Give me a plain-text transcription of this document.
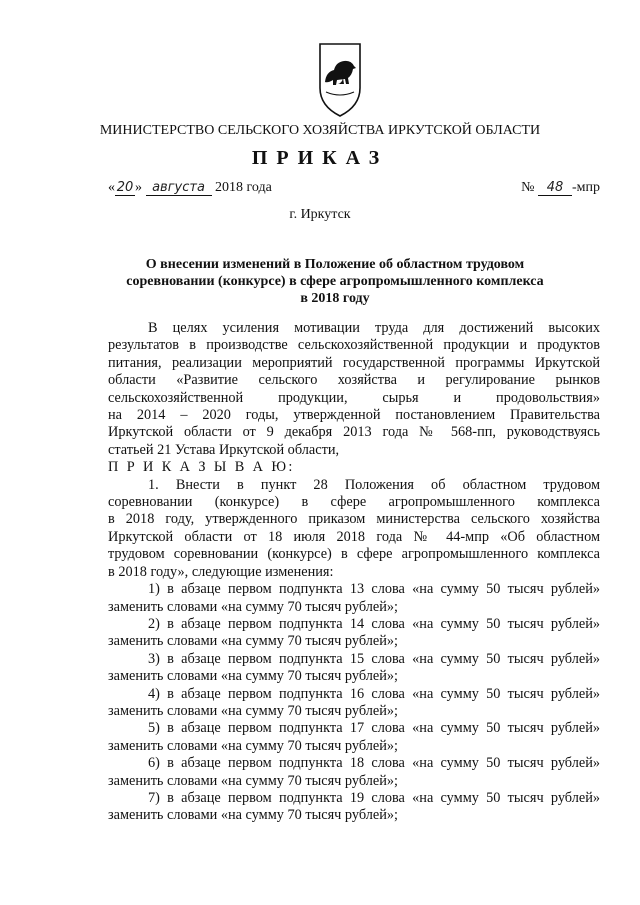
МИНИСТЕРСТВО СЕЛЬСКОГО ХОЗЯЙСТВА ИРКУТСКОЙ ОБЛАСТИ
ПРИКАЗ
« 20 » августа 2018 года	№ 48 -мпр
г. Иркутск
О внесении изменений в Положение об областном трудовом
соревновании (конкурсе) в сфере агропромышленного комплекса
в 2018 году

В целях усиления мотивации труда для достижений высоких

результатов в производстве сельскохозяйственной продукции и продуктов

питания, реализации мероприятий государственной программы Иркутской

области «Развитие сельского хозяйства и регулирование рынков

сельскохозяйственной продукции, сырья и продовольствия»

на 2014 – 2020 годы, утвержденной постановлением Правительства

Иркутской области от 9 декабря 2013 года № 568-пп, руководствуясь

статьей 21 Устава Иркутской области,

П Р И К А З Ы В А Ю:

1. Внести в пункт 28 Положения об областном трудовом

соревновании (конкурсе) в сфере агропромышленного комплекса

в 2018 году, утвержденного приказом министерства сельского хозяйства

Иркутской области от 18 июля 2018 года № 44-мпр «Об областном

трудовом соревновании (конкурсе) в сфере агропромышленного комплекса

в 2018 году», следующие изменения:

1) в абзаце первом подпункта 13 слова «на сумму 50 тысяч рублей»

заменить словами «на сумму 70 тысяч рублей»;

2) в абзаце первом подпункта 14 слова «на сумму 50 тысяч рублей»

заменить словами «на сумму 70 тысяч рублей»;

3) в абзаце первом подпункта 15 слова «на сумму 50 тысяч рублей»

заменить словами «на сумму 70 тысяч рублей»;

4) в абзаце первом подпункта 16 слова «на сумму 50 тысяч рублей»

заменить словами «на сумму 70 тысяч рублей»;

5) в абзаце первом подпункта 17 слова «на сумму 50 тысяч рублей»

заменить словами «на сумму 70 тысяч рублей»;

6) в абзаце первом подпункта 18 слова «на сумму 50 тысяч рублей»

заменить словами «на сумму 70 тысяч рублей»;

7) в абзаце первом подпункта 19 слова «на сумму 50 тысяч рублей»

заменить словами «на сумму 70 тысяч рублей»;
